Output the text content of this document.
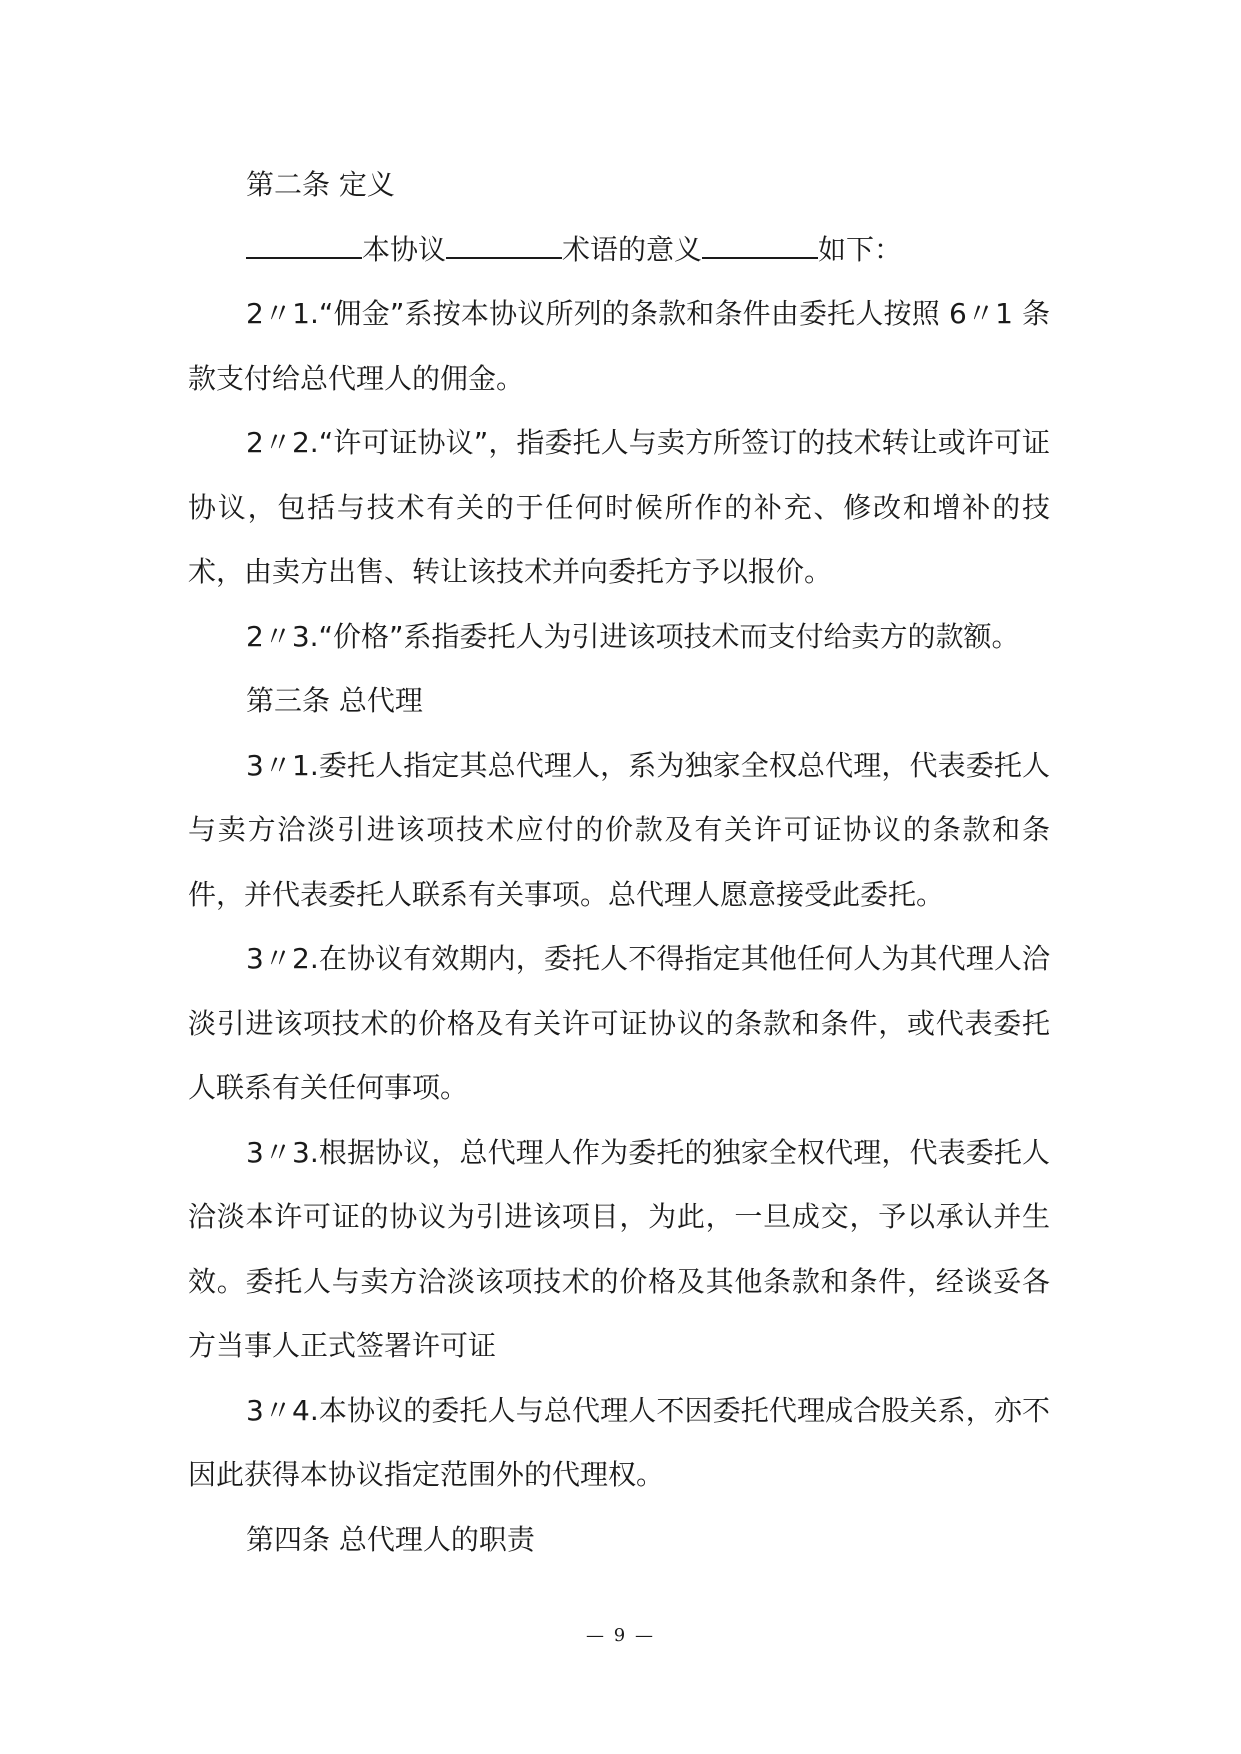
第二条 定义

本协议	术语的意义	如下：

2〃1.“佣金”系按本协议所列的条款和条件由委托人按照 6〃1 条款支付给总代理人的佣金。

2〃2.“许可证协议”，指委托人与卖方所签订的技术转让或许可证协议，包括与技术有关的于任何时候所作的补充、修改和增补的技术，由卖方出售、转让该技术并向委托方予以报价。

2〃3.“价格”系指委托人为引进该项技术而支付给卖方的款额。

第三条 总代理

3〃1.委托人指定其总代理人，系为独家全权总代理，代表委托人与卖方洽淡引进该项技术应付的价款及有关许可证协议的条款和条件，并代表委托人联系有关事项。总代理人愿意接受此委托。

3〃2.在协议有效期内，委托人不得指定其他任何人为其代理人洽淡引进该项技术的价格及有关许可证协议的条款和条件，或代表委托人联系有关任何事项。

3〃3.根据协议，总代理人作为委托的独家全权代理，代表委托人洽淡本许可证的协议为引进该项目，为此，一旦成交，予以承认并生效。委托人与卖方洽淡该项技术的价格及其他条款和条件，经谈妥各方当事人正式签署许可证

3〃4.本协议的委托人与总代理人不因委托代理成合股关系，亦不因此获得本协议指定范围外的代理权。

第四条 总代理人的职责

— 9 —
